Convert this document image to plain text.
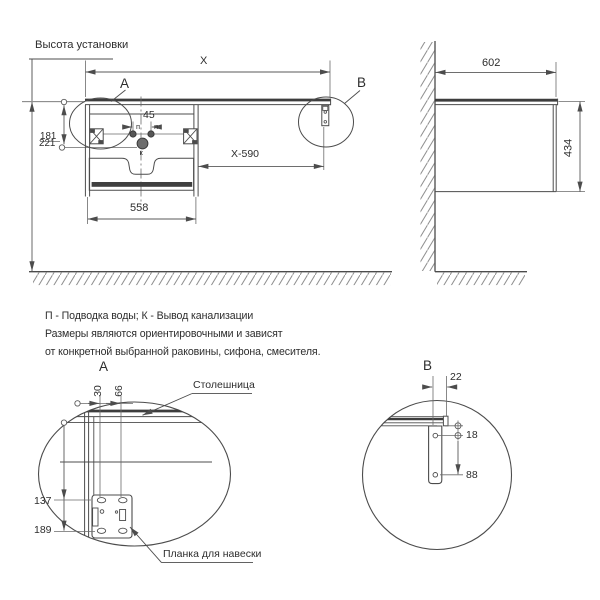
Высота установки
X
А	В
45
п п
к
181
221
X-590
558
602
434
П - Подводка воды; К - Вывод канализации
Размеры являются ориентировочными и зависят
от конкретной выбранной раковины, сифона, смесителя.
А
Столешница
30 66
137
189
Планка для навески
В
22
18
88
